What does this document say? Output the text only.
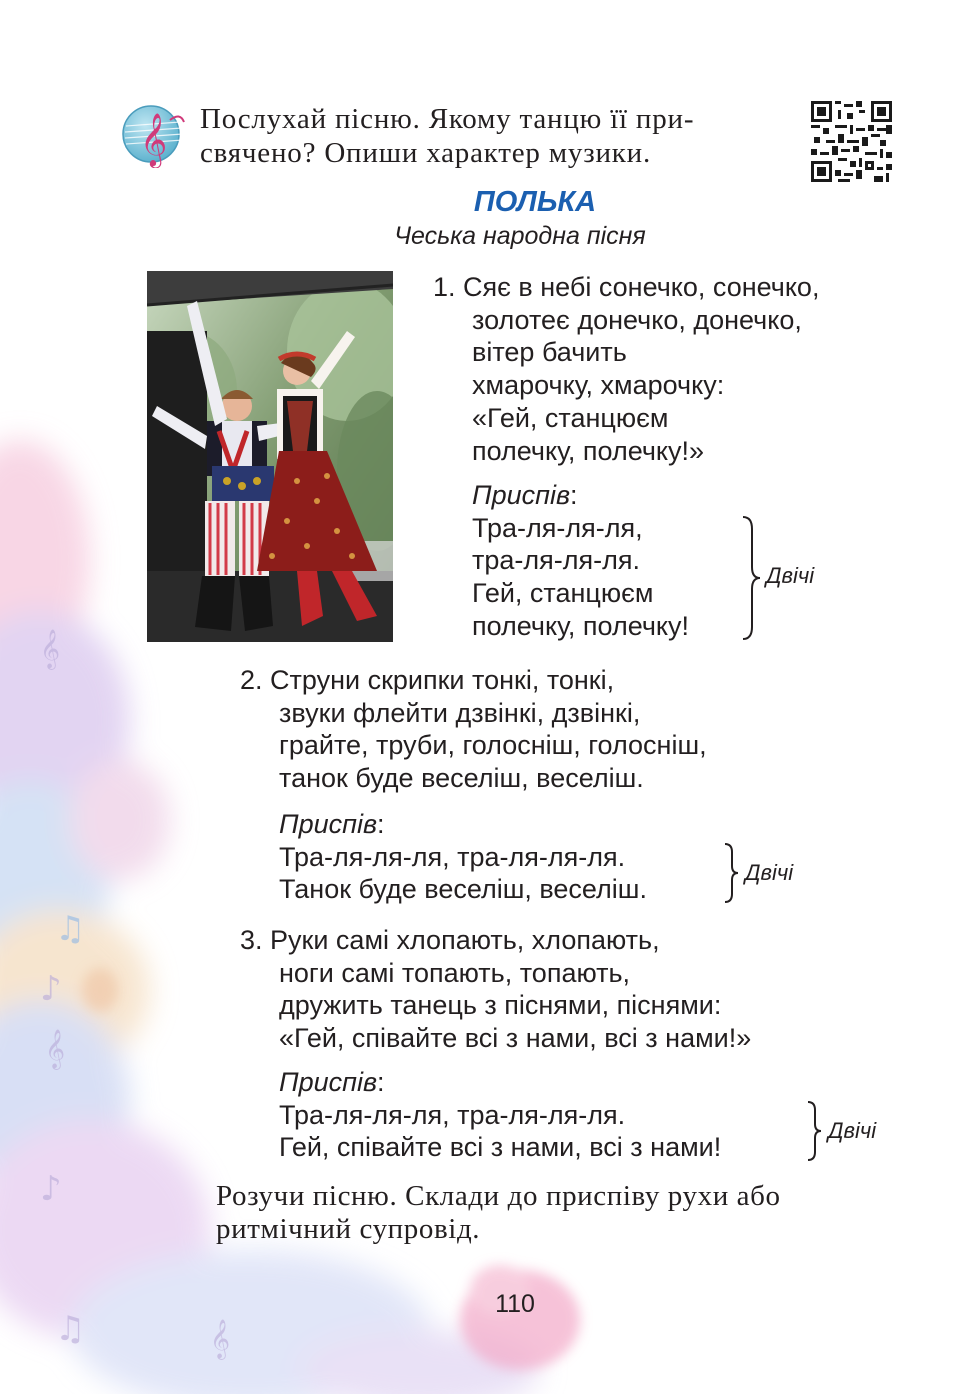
𝄞
♫
♪
𝄞
♪
♫	𝄞
𝄞 Послухай пісню. Якому танцю її при-
свячено? Опиши характер музики.
ПОЛЬКА
Чеська народна пісня
1. Сяє в небі сонечко, сонечко,
золотеє донечко, донечко,
вітер бачить
хмарочку, хмарочку:
«Гей, станцюєм
полечку, полечку!»
Приспів:
Тра-ля-ля-ля,
тра-ля-ля-ля.
Гей, станцюєм
полечку, полечку!
Двічі
2. Струни скрипки тонкі, тонкі,
звуки флейти дзвінкі, дзвінкі,
грайте, труби, голосніш, голосніш,
танок буде веселіш, веселіш.
Приспів:
Тра-ля-ля-ля, тра-ля-ля-ля.
Танок буде веселіш, веселіш.
Двічі
3. Руки самі хлопають, хлопають,
ноги самі топають, топають,
дружить танець з піснями, піснями:
«Гей, співайте всі з нами, всі з нами!»
Приспів:
Тра-ля-ля-ля, тра-ля-ля-ля.
Гей, співайте всі з нами, всі з нами!
Двічі
Розучи пісню. Склади до приспіву рухи або
ритмічний супровід.
110
